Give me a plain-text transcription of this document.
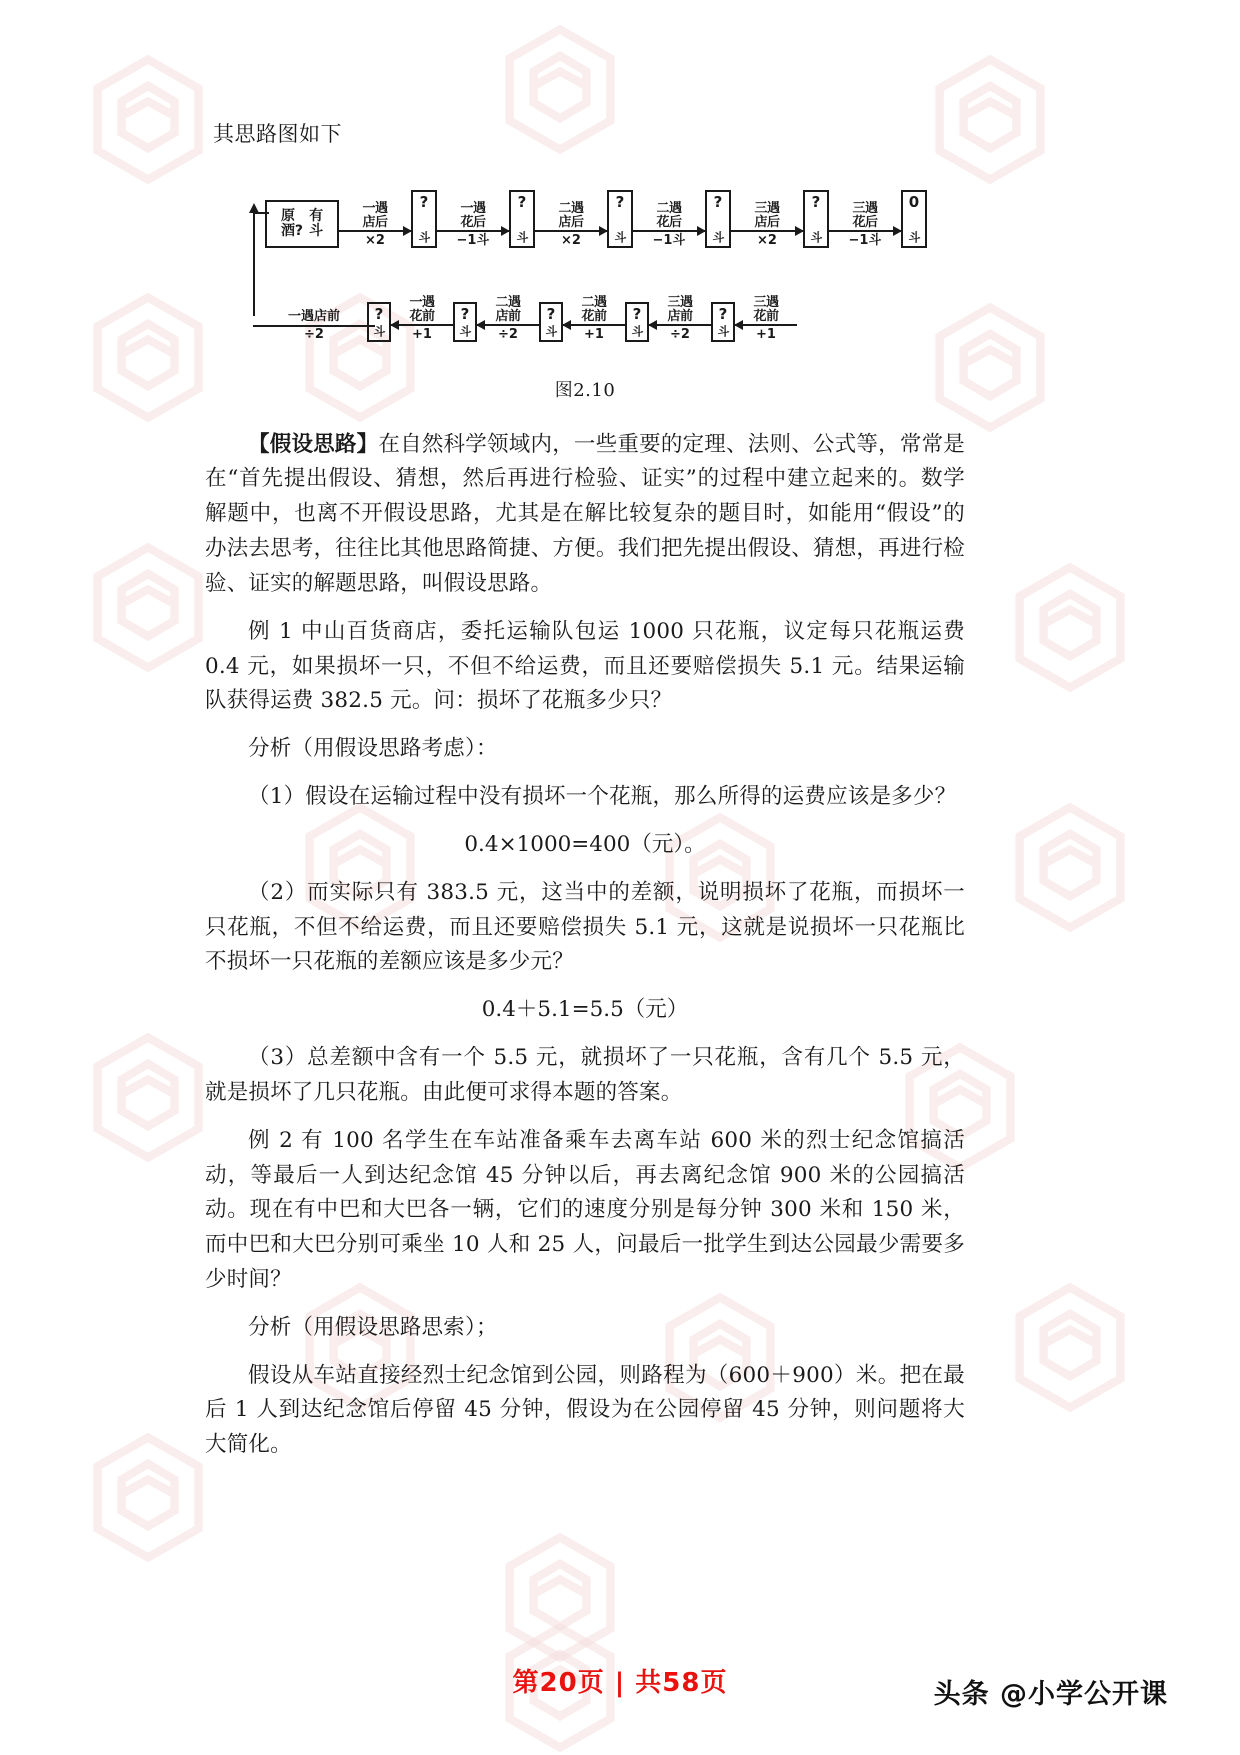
其思路图如下

原
酒?
有
斗
一遇
店后
×2
?
斗
一遇
花后
−1斗
?
斗
二遇
店后
×2
?
斗
二遇
花后
−1斗
?
斗
三遇
店后
×2
?
斗
三遇
花后
−1斗
0
斗
一遇店前
÷2
?
斗
一遇
花前
+1
?
斗
二遇
店前
÷2
?
斗
二遇
花前
+1
?
斗
三遇
店前
÷2
?
斗
三遇
花前
+1
图2.10

【假设思路】在自然科学领域内，一些重要的定理、法则、公式等，常常是在“首先提出假设、猜想，然后再进行检验、证实”的过程中建立起来的。数学解题中，也离不开假设思路，尤其是在解比较复杂的题目时，如能用“假设”的办法去思考，往往比其他思路简捷、方便。我们把先提出假设、猜想，再进行检验、证实的解题思路，叫假设思路。

例 1 中山百货商店，委托运输队包运 1000 只花瓶，议定每只花瓶运费 0.4 元，如果损坏一只，不但不给运费，而且还要赔偿损失 5.1 元。结果运输队获得运费 382.5 元。问：损坏了花瓶多少只？

分析（用假设思路考虑）：

（1）假设在运输过程中没有损坏一个花瓶，那么所得的运费应该是多少？

0.4×1000=400（元）。

（2）而实际只有 383.5 元，这当中的差额，说明损坏了花瓶，而损坏一只花瓶，不但不给运费，而且还要赔偿损失 5.1 元，这就是说损坏一只花瓶比不损坏一只花瓶的差额应该是多少元？

0.4＋5.1=5.5（元）

（3）总差额中含有一个 5.5 元，就损坏了一只花瓶，含有几个 5.5 元，就是损坏了几只花瓶。由此便可求得本题的答案。

例 2 有 100 名学生在车站准备乘车去离车站 600 米的烈士纪念馆搞活动，等最后一人到达纪念馆 45 分钟以后，再去离纪念馆 900 米的公园搞活动。现在有中巴和大巴各一辆，它们的速度分别是每分钟 300 米和 150 米，而中巴和大巴分别可乘坐 10 人和 25 人，问最后一批学生到达公园最少需要多少时间？

分析（用假设思路思索）；

假设从车站直接经烈士纪念馆到公园，则路程为（600＋900）米。把在最后 1 人到达纪念馆后停留 45 分钟，假设为在公园停留 45 分钟，则问题将大大简化。

第20页 | 共58页	头条 @小学公开课
